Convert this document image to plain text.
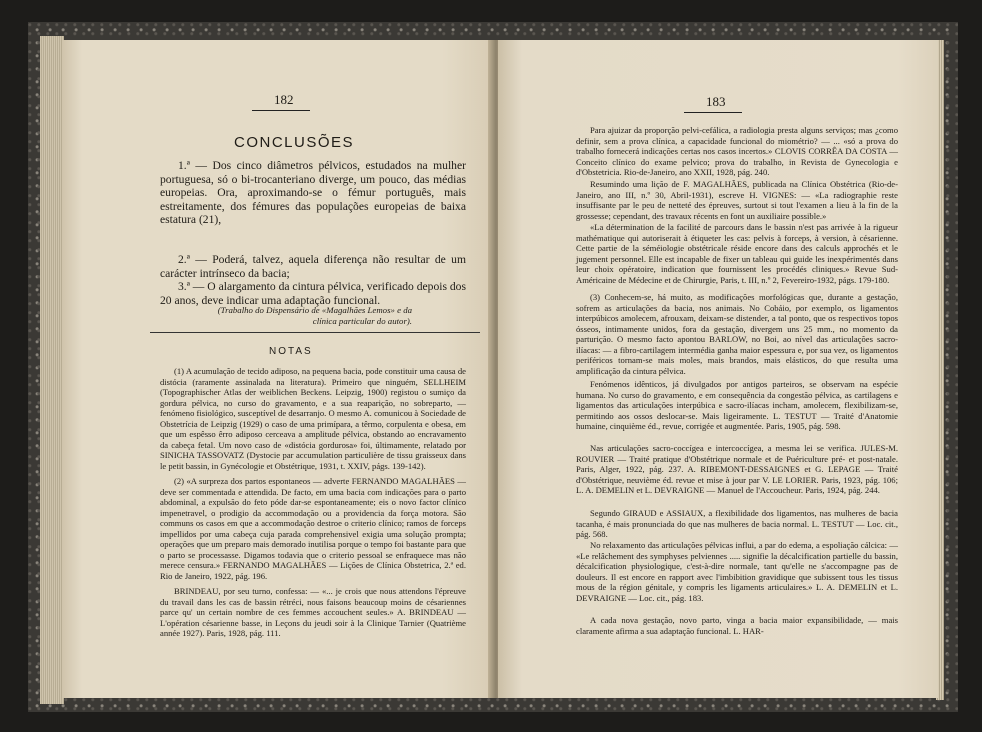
182
CONCLUSÕES

1.ª — Dos cinco diâmetros pélvicos, estudados na mulher portuguesa, só o bi-trocanteriano diverge, um pouco, das médias europeias. Ora, aproximando-se o fémur português, mais estreitamente, dos fémures das populações europeias de baixa estatura (21),

2.ª — Poderá, talvez, aquela diferença não resultar de um carácter intrínseco da bacia;

3.ª — O alargamento da cintura pélvica, verificado depois dos 20 anos, deve indicar uma adaptação funcional.

(Trabalho do Dispensário de «Magalhães Lemos» e da clínica particular do autor).
NOTAS

(1) A acumulação de tecido adiposo, na pequena bacia, pode constituir uma causa de distócia (raramente assinalada na literatura). Primeiro que ninguém, SELLHEIM (Topographischer Atlas der weiblichen Beckens. Leipzig, 1900) registou o sumiço da gordura pélvica, no curso do gravamento, e a sua reaparição, no sobreparto, — fenómeno fisiológico, susceptível de desarranjo. O mesmo A. comunicou à Sociedade de Obstetrícia de Leipzig (1929) o caso de uma primípara, a têrmo, corpulenta e obesa, em que um espêsso êrro adiposo cerceava a amplitude pélvica, obstando ao encravamento da cabeça fetal. Um novo caso de «distócia gordurosa» foi, últimamente, relatado por SINICHA TASSOVATZ (Dystocie par accumulation particulière de tissu graisseux dans le petit bassin, in Gynécologie et Obstétrique, 1931, t. XXIV, págs. 139-142).

(2) «A surpreza dos partos espontaneos — adverte FERNANDO MAGALHÃES — deve ser commentada e attendida. De facto, em uma bacia com indicações para o parto abdominal, a expulsão do feto póde dar-se espontaneamente; eis o novo factor clínico impenetravel, o prodigio da accommodação ou a providencia da força motora. São communs os casos em que a accommodação destroe o criterio clínico; ramos de forceps impellidos por uma cabeça cuja parada comprehensivel exigia uma solução prompta; operações que um preparo mais demorado inutilisa porque o tempo foi bastante para que o parto se processasse. Digamos todavia que o criterio pessoal se enfraquece mas não merece censura.» FERNANDO MAGALHÃES — Lições de Clínica Obstetrica, 2.ª ed. Rio de Janeiro, 1922, pág. 196.

BRINDEAU, por seu turno, confessa: — «... je crois que nous attendons l'épreuve du travail dans les cas de bassin rétréci, nous faisons beaucoup moins de césariennes parce qu' un certain nombre de ces femmes accouchent seules.» A. BRINDEAU — L'opération césarienne basse, in Leçons du jeudi soir à la Clinique Tarnier (Quatrième année 1927). Paris, 1928, pág. 111.

183

Para ajuizar da proporção pelvi-cefálica, a radiologia presta alguns serviços; mas ¿como definir, sem a prova clínica, a capacidade funcional do miométrio? — ... «só a prova do trabalho fornecerá indicações certas nos casos incertos.» CLOVIS CORRÊA DA COSTA — Conceito clínico do exame pelvico; prova do trabalho, in Revista de Gynecologia e d'Obstetricia. Rio-de-Janeiro, ano XXII, 1928, pág. 240.

Resumindo uma lição de F. MAGALHÃES, publicada na Clínica Obstétrica (Rio-de-Janeiro, ano III, n.º 30, Abril-1931), escreve H. VIGNES: — «La radiographie reste insuffisante par le peu de netteté des épreuves, surtout si tout l'examen a lieu à la fin de la grossesse; cependant, des travaux récents en font un auxiliaire possible.»

«La détermination de la facilité de parcours dans le bassin n'est pas arrivée à la rigueur mathématique qui autoriserait à étiqueter les cas: pelvis à forceps, à version, à césarienne. Cette partie de la séméiologie obstétricale réside encore dans des calculs approchés et le jugement personnel. Elle est incapable de fixer un tableau qui guide les inexpérimentés dans leur choix opératoire, indication que fournissent les procédés cliniques.» Revue Sud-Américaine de Médecine et de Chirurgie, Paris, t. III, n.º 2, Fevereiro-1932, págs. 179-180.

(3) Conhecem-se, há muito, as modificações morfológicas que, durante a gestação, sofrem as articulações da bacia, nos animais. No Cobáio, por exemplo, os ligamentos interpúbicos amolecem, afrouxam, deixam-se distender, a tal ponto, que os respectivos topos ósseos, intimamente unidos, fora da gestação, divergem uns 25 mm., no momento da parturição. O mesmo facto apontou BARLOW, no Boi, ao nível das articulações sacro-ilíacas: — a fibro-cartilagem intermédia ganha maior espessura e, por sua vez, os ligamentos periféricos tornam-se mais moles, mais brandos, mais elásticos, do que resulta uma amplificação da cintura pélvica.

Fenómenos idênticos, já divulgados por antigos parteiros, se observam na espécie humana. No curso do gravamento, e em consequência da congestão pélvica, as cartilagens e ligamentos das articulações interpúbica e sacro-ilíacas incham, amolecem, flexibilizam-se, permitindo aos ossos deslocar-se. Mais ligeiramente. L. TESTUT — Traité d'Anatomie humaine, cinquième éd., revue, corrigée et augmentée. Paris, 1905, pág. 598.

Nas articulações sacro-coccígea e intercoccígea, a mesma lei se verifica. JULES-M. ROUVIER — Traité pratique d'Obstétrique normale et de Puériculture pré- et post-natale. Paris, Alger, 1922, pág. 237. A. RIBEMONT-DESSAIGNES et G. LEPAGE — Traité d'Obstétrique, neuvième éd. revue et mise à jour par V. LE LORIER. Paris, 1923, pág. 106; L. A. DEMELIN et L. DEVRAIGNE — Manuel de l'Accoucheur. Paris, 1924, pág. 244.

Segundo GIRAUD e ASSIAUX, a flexibilidade dos ligamentos, nas mulheres de bacia tacanha, é mais pronunciada do que nas mulheres de bacia normal. L. TESTUT — Loc. cit., pág. 568.

No relaxamento das articulações pélvicas influi, a par do edema, a espoliação cálcica: — «Le relâchement des symphyses pelviennes ..... signifie la décalcification partielle du bassin, décalcification physiologique, c'est-à-dire normale, tant qu'elle ne s'accompagne pas de douleurs. Il est encore en rapport avec l'imbibition gravidique que subissent tous les tissus mous de la région génitale, y compris les ligaments articulaires.» L. A. DEMELIN et L. DEVRAIGNE — Loc. cit., pág. 183.

A cada nova gestação, novo parto, vinga a bacia maior expansibilidade, — mais claramente afirma a sua adaptação funcional. L. HAR-
